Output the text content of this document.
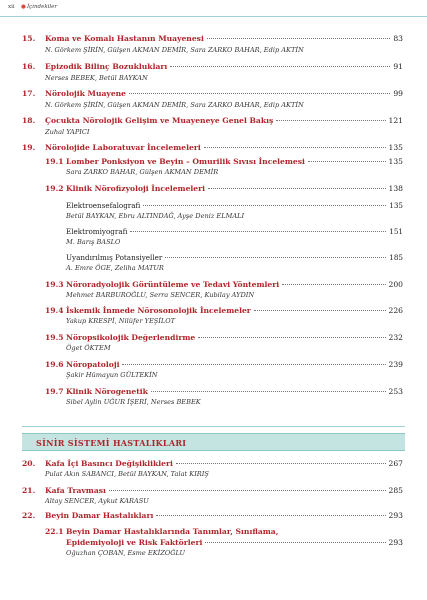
xii ● İçindekiler
15. Koma ve Komalı Hastanın Muayenesi	83
N. Görkem ŞİRİN, Gülşen AKMAN DEMİR, Sara ZARKO BAHAR, Edip AKTİN
16. Epizodik Bilinç Bozuklukları	91
Nerses BEBEK, Betül BAYKAN
17. Nörolojik Muayene	99
N. Görkem ŞİRİN, Gülşen AKMAN DEMİR, Sara ZARKO BAHAR, Edip AKTİN
18. Çocukta Nörolojik Gelişim ve Muayeneye Genel Bakış	121
Zuhal YAPICI
19. Nörolojide Laboratuvar İncelemeleri	135
19.1 Lomber Ponksiyon ve Beyin – Omurilik Sıvısı İncelemesi	135
Sara ZARKO BAHAR, Gülşen AKMAN DEMİR
19.2 Klinik Nörofizyoloji İncelemeleri	138
Elektroensefalografi	135
Betül BAYKAN, Ebru ALTINDAĞ, Ayşe Deniz ELMALI
Elektromiyografi	151
M. Barış BASLO
Uyandırılmış Potansiyeller	185
A. Emre ÖGE, Zeliha MATUR
19.3 Nöroradyolojik Görüntüleme ve Tedavi Yöntemleri	200
Mehmet BARBUROĞLU, Serra SENCER, Kubilay AYDIN
19.4 İskemik İnmede Nörosonolojik İncelemeler	226
Yakup KRESPİ, Nilüfer YEŞİLOT
19.5 Nöropsikolojik Değerlendirme	232
Öget ÖKTEM
19.6 Nöropatoloji	239
Şakir Hümayun GÜLTEKİN
19.7 Klinik Nörogenetik	253
Sibel Aylin UĞUR İŞERİ, Nerses BEBEK
SİNİR SİSTEMİ HASTALIKLARI
20. Kafa İçi Basıncı Değişiklikleri	267
Pulat Akın SABANCI, Betül BAYKAN, Talat KIRIŞ
21. Kafa Travması	285
Altay SENCER, Aykut KARASU
22. Beyin Damar Hastalıkları	293
22.1 Beyin Damar Hastalıklarında Tanımlar, Sınıflama,
Epidemiyoloji ve Risk Faktörleri	293
Oğuzhan ÇOBAN, Esme EKİZOĞLU
